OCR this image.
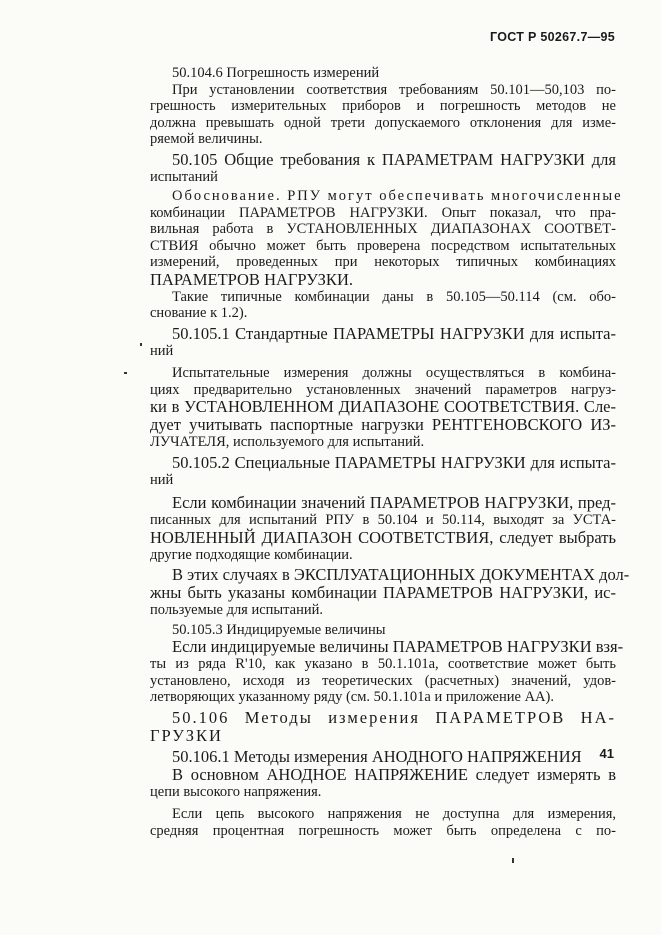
ГОСТ Р 50267.7—95
50.104.6 Погрешность измерений
При установлении соответствия требованиям 50.101—50,103 по-
грешность измерительных приборов и погрешность методов не
должна превышать одной трети допускаемого отклонения для изме-
ряемой величины.
50.105 Общие требования к ПАРАМЕТРАМ НАГРУЗКИ для
испытаний
Обоснование. РПУ могут обеспечивать многочисленные
комбинации ПАРАМЕТРОВ НАГРУЗКИ. Опыт показал, что пра-
вильная работа в УСТАНОВЛЕННЫХ ДИАПАЗОНАХ СООТВЕТ-
СТВИЯ обычно может быть проверена посредством испытательных
измерений, проведенных при некоторых типичных комбинациях
ПАРАМЕТРОВ НАГРУЗКИ.
Такие типичные комбинации даны в 50.105—50.114 (см. обо-
снование к 1.2).
50.105.1 Стандартные ПАРАМЕТРЫ НАГРУЗКИ для испыта-
ний
Испытательные измерения должны осуществляться в комбина-
циях предварительно установленных значений параметров нагруз-
ки в УСТАНОВЛЕННОМ ДИАПАЗОНЕ СООТВЕТСТВИЯ. Сле-
дует учитывать паспортные нагрузки РЕНТГЕНОВСКОГО ИЗ-
ЛУЧАТЕЛЯ, используемого для испытаний.
50.105.2 Специальные ПАРАМЕТРЫ НАГРУЗКИ для испыта-
ний
Если комбинации значений ПАРАМЕТРОВ НАГРУЗКИ, пред-
писанных для испытаний РПУ в 50.104 и 50.114, выходят за УСТА-
НОВЛЕННЫЙ ДИАПАЗОН СООТВЕТСТВИЯ, следует выбрать
другие подходящие комбинации.
В этих случаях в ЭКСПЛУАТАЦИОННЫХ ДОКУМЕНТАХ дол-
жны быть указаны комбинации ПАРАМЕТРОВ НАГРУЗКИ, ис-
пользуемые для испытаний.
50.105.3 Индицируемые величины
Если индицируемые величины ПАРАМЕТРОВ НАГРУЗКИ взя-
ты из ряда R'10, как указано в 50.1.101а, соответствие может быть
установлено, исходя из теоретических (расчетных) значений, удов-
летворяющих указанному ряду (см. 50.1.101а и приложение АА).
50.106 Методы измерения ПАРАМЕТРОВ НА-
ГРУЗКИ
50.106.1 Методы измерения АНОДНОГО НАПРЯЖЕНИЯ
В основном АНОДНОЕ НАПРЯЖЕНИЕ следует измерять в
цепи высокого напряжения.
Если цепь высокого напряжения не доступна для измерения,
средняя процентная погрешность может быть определена с по-
41
